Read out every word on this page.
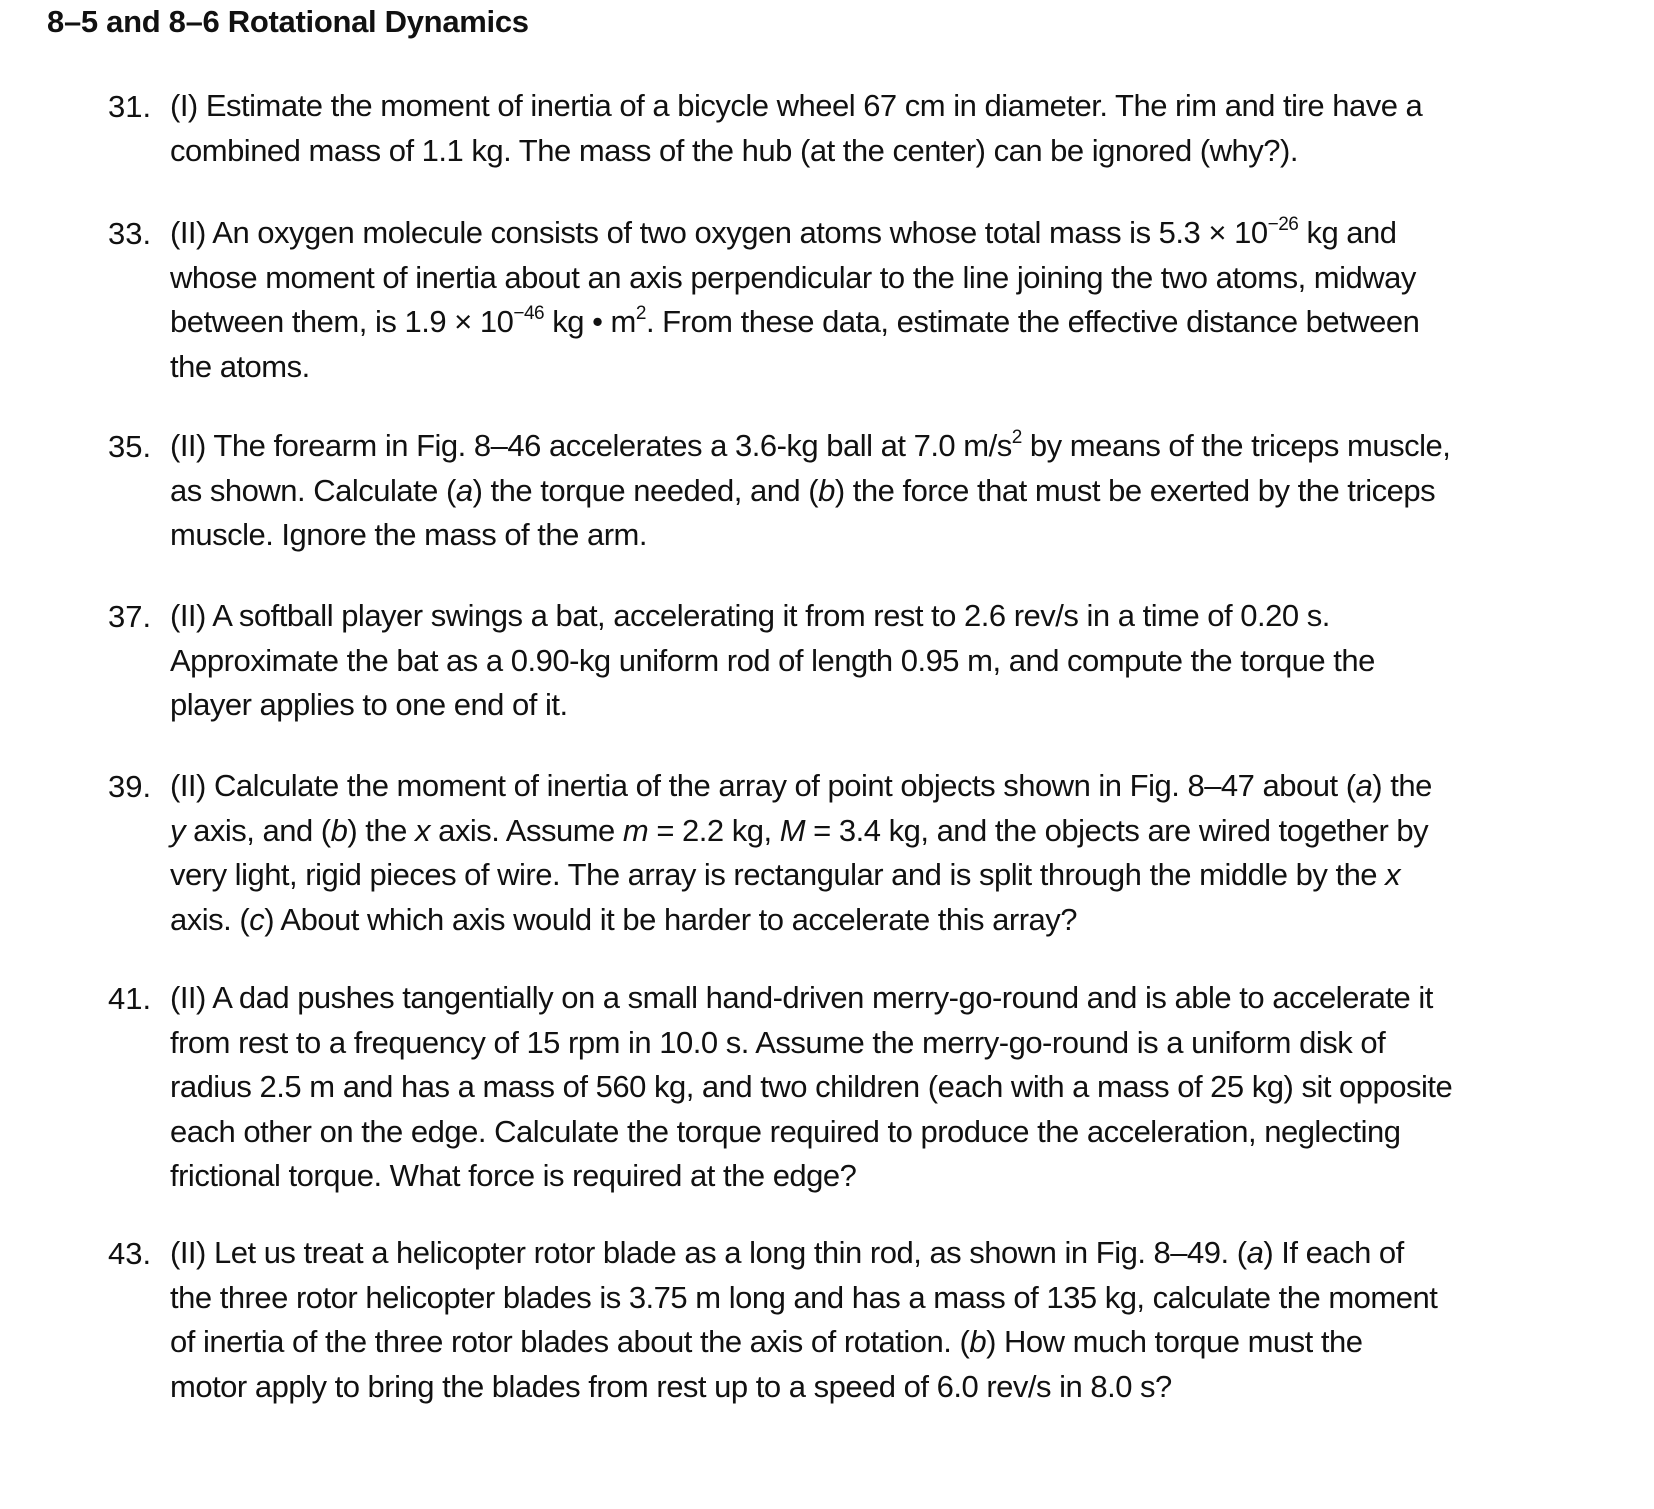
8–5 and 8–6 Rotational Dynamics
31. (I) Estimate the moment of inertia of a bicycle wheel 67 cm in diameter. The rim and tire have a
combined mass of 1.1 kg. The mass of the hub (at the center) can be ignored (why?).
33. (II) An oxygen molecule consists of two oxygen atoms whose total mass is $5.3 \times 10^{-26}$ kg and
whose moment of inertia about an axis perpendicular to the line joining the two atoms, midway
between them, is $1.9 \times 10^{-46}$ kg • $m^2$. From these data, estimate the effective distance between
the atoms.
35. (II) The forearm in Fig. 8–46 accelerates a 3.6-kg ball at 7.0 $m/s^2$ by means of the triceps muscle,
as shown. Calculate (a) the torque needed, and (b) the force that must be exerted by the triceps
muscle. Ignore the mass of the arm.
37. (II) A softball player swings a bat, accelerating it from rest to 2.6 rev/s in a time of 0.20 s.
Approximate the bat as a 0.90-kg uniform rod of length 0.95 m, and compute the torque the
player applies to one end of it.
39. (II) Calculate the moment of inertia of the array of point objects shown in Fig. 8–47 about (a) the
y axis, and (b) the x axis. Assume m = 2.2 kg, M = 3.4 kg, and the objects are wired together by
very light, rigid pieces of wire. The array is rectangular and is split through the middle by the x
axis. (c) About which axis would it be harder to accelerate this array?
41. (II) A dad pushes tangentially on a small hand-driven merry-go-round and is able to accelerate it
from rest to a frequency of 15 rpm in 10.0 s. Assume the merry-go-round is a uniform disk of
radius 2.5 m and has a mass of 560 kg, and two children (each with a mass of 25 kg) sit opposite
each other on the edge. Calculate the torque required to produce the acceleration, neglecting
frictional torque. What force is required at the edge?
43. (II) Let us treat a helicopter rotor blade as a long thin rod, as shown in Fig. 8–49. (a) If each of
the three rotor helicopter blades is 3.75 m long and has a mass of 135 kg, calculate the moment
of inertia of the three rotor blades about the axis of rotation. (b) How much torque must the
motor apply to bring the blades from rest up to a speed of 6.0 rev/s in 8.0 s?
